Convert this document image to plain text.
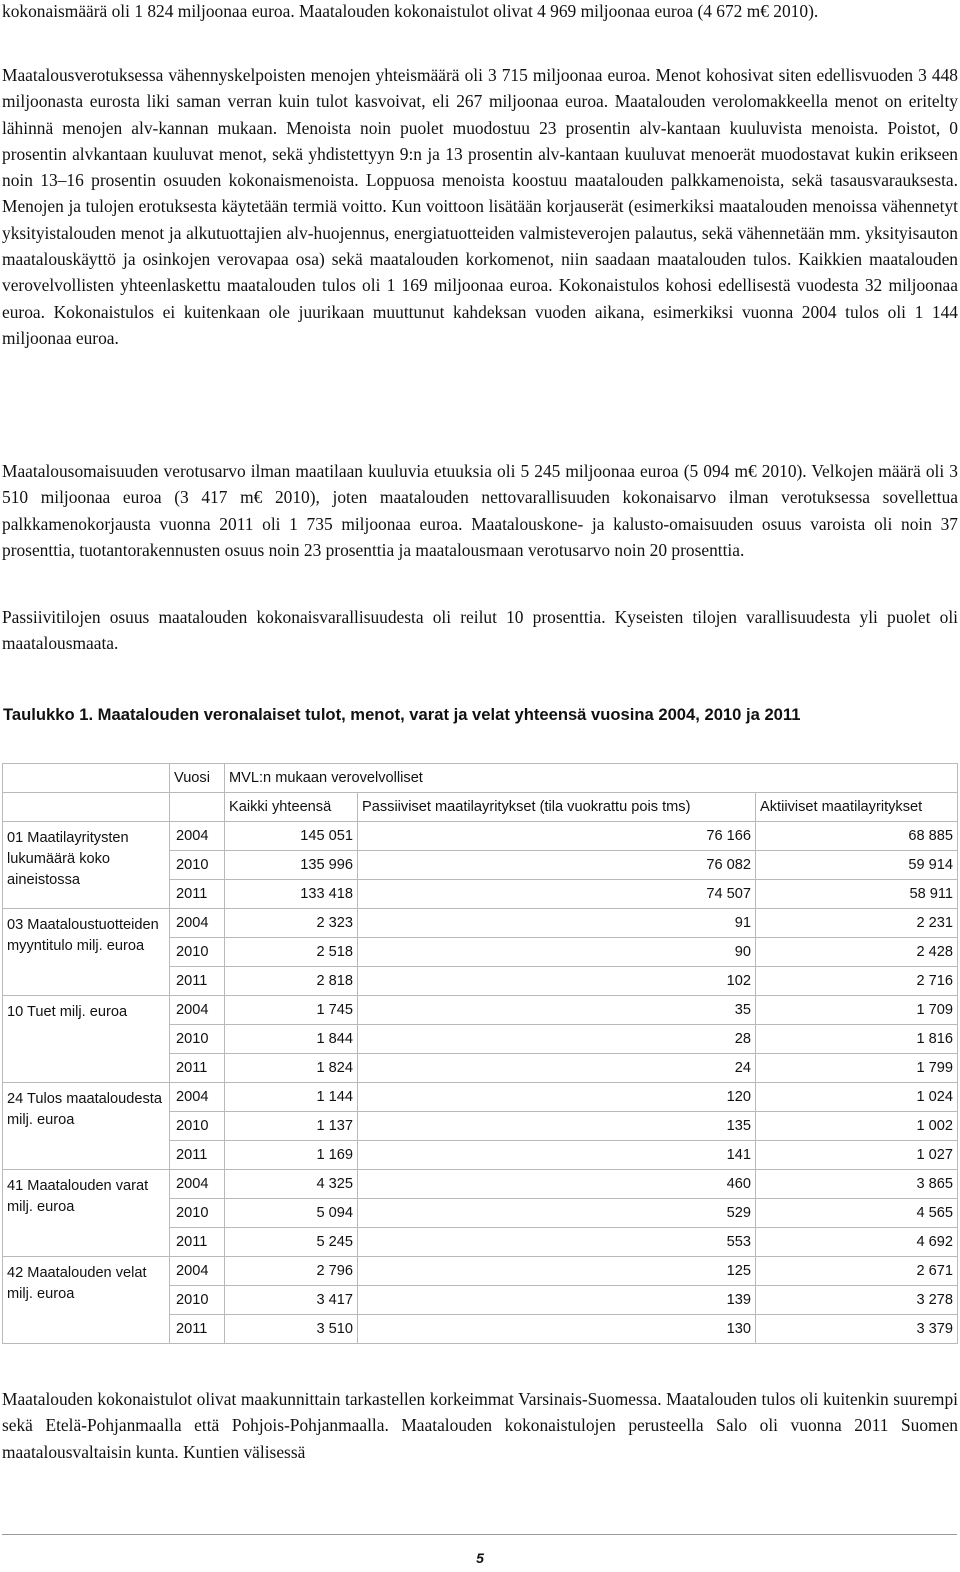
kokonaismäärä oli 1 824 miljoonaa euroa. Maatalouden kokonaistulot olivat 4 969 miljoonaa euroa (4 672 m€ 2010).

Maatalousverotuksessa vähennyskelpoisten menojen yhteismäärä oli 3 715 miljoonaa euroa. Menot kohosivat siten edellisvuoden 3 448 miljoonasta eurosta liki saman verran kuin tulot kasvoivat, eli 267 miljoonaa euroa. Maatalouden verolomakkeella menot on eritelty lähinnä menojen alv-kannan mukaan. Menoista noin puolet muodostuu 23 prosentin alv-kantaan kuuluvista menoista. Poistot, 0 prosentin alvkantaan kuuluvat menot, sekä yhdistettyyn 9:n ja 13 prosentin alv-kantaan kuuluvat menoerät muodostavat kukin erikseen noin 13–16 prosentin osuuden kokonaismenoista. Loppuosa menoista koostuu maatalouden palkkamenoista, sekä tasausvarauksesta. Menojen ja tulojen erotuksesta käytetään termiä voitto. Kun voittoon lisätään korjauserät (esimerkiksi maatalouden menoissa vähennetyt yksityistalouden menot ja alkutuottajien alv-huojennus, energiatuotteiden valmisteverojen palautus, sekä vähennetään mm. yksityisauton maatalouskäyttö ja osinkojen verovapaa osa) sekä maatalouden korkomenot, niin saadaan maatalouden tulos. Kaikkien maatalouden verovelvollisten yhteenlaskettu maatalouden tulos oli 1 169 miljoonaa euroa. Kokonaistulos kohosi edellisestä vuodesta 32 miljoonaa euroa. Kokonaistulos ei kuitenkaan ole juurikaan muuttunut kahdeksan vuoden aikana, esimerkiksi vuonna 2004 tulos oli 1 144 miljoonaa euroa.

Maatalousomaisuuden verotusarvo ilman maatilaan kuuluvia etuuksia oli 5 245 miljoonaa euroa (5 094 m€ 2010). Velkojen määrä oli 3 510 miljoonaa euroa (3 417 m€ 2010), joten maatalouden nettovarallisuuden kokonaisarvo ilman verotuksessa sovellettua palkkamenokorjausta vuonna 2011 oli 1 735 miljoonaa euroa. Maatalouskone- ja kalusto-omaisuuden osuus varoista oli noin 37 prosenttia, tuotantorakennusten osuus noin 23 prosenttia ja maatalousmaan verotusarvo noin 20 prosenttia.

Passiivitilojen osuus maatalouden kokonaisvarallisuudesta oli reilut 10 prosenttia. Kyseisten tilojen varallisuudesta yli puolet oli maatalousmaata.

Taulukko 1. Maatalouden veronalaiset tulot, menot, varat ja velat yhteensä vuosina 2004, 2010 ja 2011

	Vuosi	MVL:n mukaan verovelvolliset		
		Kaikki yhteensä	Passiiviset maatilayritykset (tila vuokrattu pois tms)	Aktiiviset maatilayritykset
01 Maatilayritysten lukumäärä koko aineistossa	2004	145 051	76 166	68 885
	2010	135 996	76 082	59 914
	2011	133 418	74 507	58 911
03 Maataloustuotteiden myyntitulo milj. euroa	2004	2 323	91	2 231
	2010	2 518	90	2 428
	2011	2 818	102	2 716
10 Tuet milj. euroa	2004	1 745	35	1 709
	2010	1 844	28	1 816
	2011	1 824	24	1 799
24 Tulos maataloudesta milj. euroa	2004	1 144	120	1 024
	2010	1 137	135	1 002
	2011	1 169	141	1 027
41 Maatalouden varat milj. euroa	2004	4 325	460	3 865
	2010	5 094	529	4 565
	2011	5 245	553	4 692
42 Maatalouden velat milj. euroa	2004	2 796	125	2 671
	2010	3 417	139	3 278
	2011	3 510	130	3 379

Maatalouden kokonaistulot olivat maakunnittain tarkastellen korkeimmat Varsinais-Suomessa. Maatalouden tulos oli kuitenkin suurempi sekä Etelä-Pohjanmaalla että Pohjois-Pohjanmaalla. Maatalouden kokonaistulojen perusteella Salo oli vuonna 2011 Suomen maatalousvaltaisin kunta. Kuntien välisessä

5
